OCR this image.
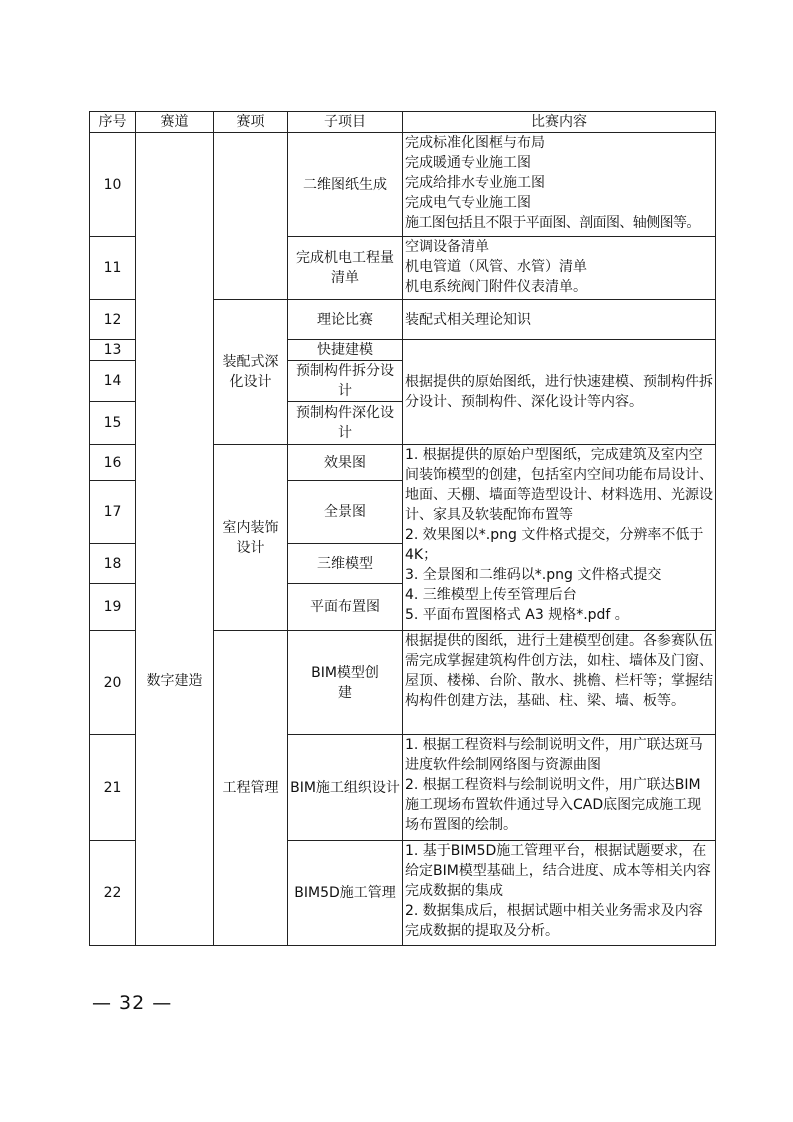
序号	赛道	赛项	子项目	比赛内容
10	数字建造		二维图纸生成	完成标准化图框与布局
完成暖通专业施工图
完成给排水专业施工图
完成电气专业施工图
施工图包括且不限于平面图、剖面图、轴侧图等。

11			完成机电工程量清单	空调设备清单
机电管道（风管、水管）清单
机电系统阀门附件仪表清单。

12		装配式深化设计	理论比赛	装配式相关理论知识
13			快捷建模	根据提供的原始图纸，进行快速建模、预制构件拆分设计、预制构件、深化设计等内容。
14			预制构件拆分设计	
15			预制构件深化设计	
16		室内装饰设计	效果图	1. 根据提供的原始户型图纸，完成建筑及室内空间装饰模型的创建，包括室内空间功能布局设计、地面、天棚、墙面等造型设计、材料选用、光源设计、家具及软装配饰布置等
2. 效果图以*.png 文件格式提交，分辨率不低于 4K；
3. 全景图和二维码以*.png 文件格式提交
4. 三维模型上传至管理后台
5. 平面布置图格式 A3 规格*.pdf 。

17			全景图	
18			三维模型	
19			平面布置图	
20		工程管理	BIM模型创建	根据提供的图纸，进行土建模型创建。各参赛队伍需完成掌握建筑构件创方法，如柱、墙体及门窗、屋顶、楼梯、台阶、散水、挑檐、栏杆等；掌握结构构件创建方法，基础、柱、梁、墙、板等。
21			BIM施工组织设计	1. 根据工程资料与绘制说明文件，用广联达斑马进度软件绘制网络图与资源曲图
2. 根据工程资料与绘制说明文件，用广联达BIM施工现场布置软件通过导入CAD底图完成施工现场布置图的绘制。

22			BIM5D施工管理	1. 基于BIM5D施工管理平台，根据试题要求，在给定BIM模型基础上，结合进度、成本等相关内容完成数据的集成
2. 数据集成后，根据试题中相关业务需求及内容完成数据的提取及分析。
— 32 —
